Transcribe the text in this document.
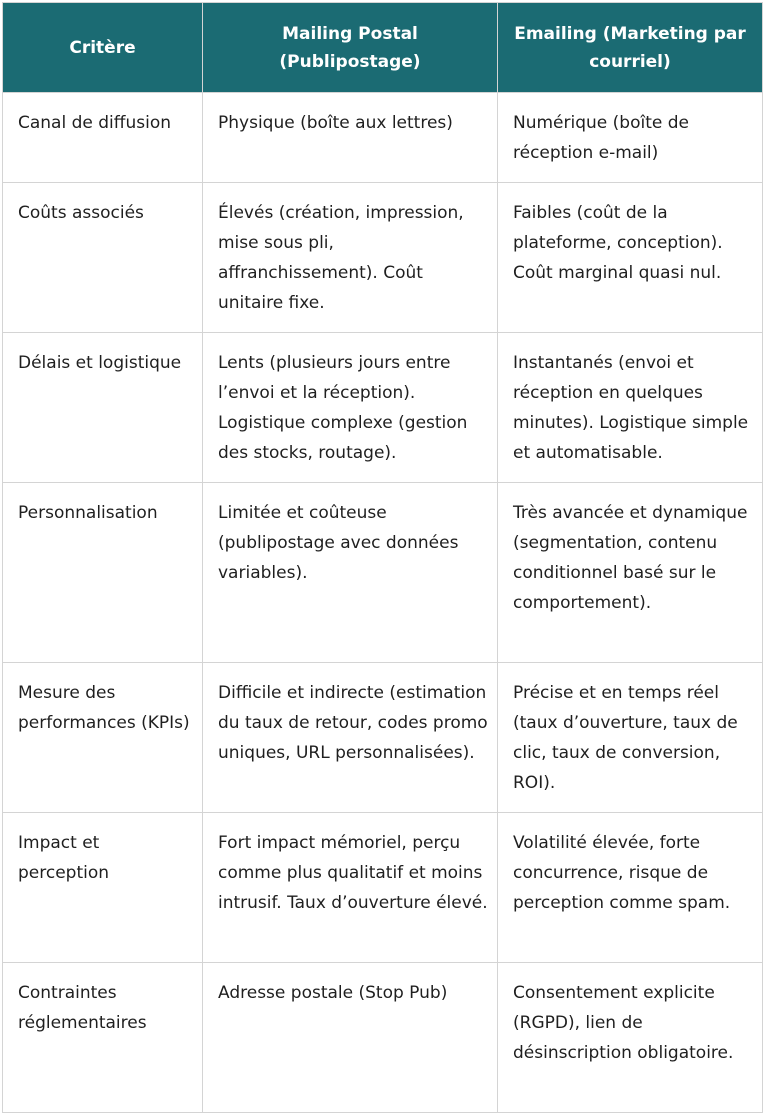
Critère	Mailing Postal (Publipostage)	Emailing (Marketing par courriel)
Canal de diffusion	Physique (boîte aux lettres)	Numérique (boîte de réception e-mail)
Coûts associés	Élevés (création, impression, mise sous pli, affranchissement). Coût unitaire fixe.	Faibles (coût de la plateforme, conception). Coût marginal quasi nul.
Délais et logistique	Lents (plusieurs jours entre l’envoi et la réception). Logistique complexe (gestion des stocks, routage).	Instantanés (envoi et réception en quelques minutes). Logistique simple et automatisable.
Personnalisation	Limitée et coûteuse (publipostage avec données variables).	Très avancée et dynamique (segmentation, contenu conditionnel basé sur le comportement).
Mesure des performances (KPIs)	Difficile et indirecte (estimation du taux de retour, codes promo uniques, URL personnalisées).	Précise et en temps réel (taux d’ouverture, taux de clic, taux de conversion, ROI).
Impact et perception	Fort impact mémoriel, perçu comme plus qualitatif et moins intrusif. Taux d’ouverture élevé.	Volatilité élevée, forte concurrence, risque de perception comme spam.
Contraintes réglementaires	Adresse postale (Stop Pub)	Consentement explicite (RGPD), lien de désinscription obligatoire.
